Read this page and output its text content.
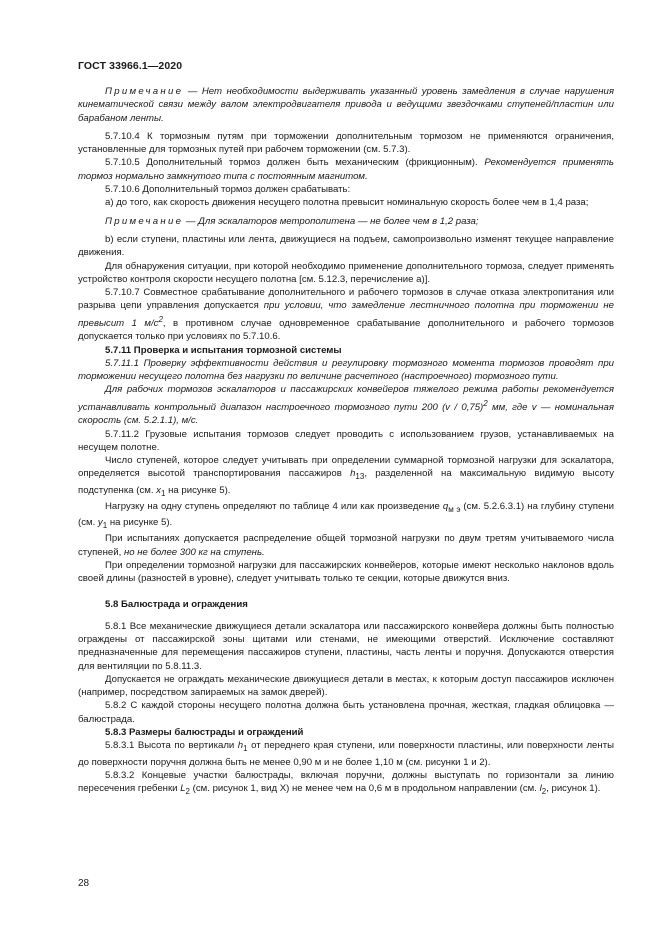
ГОСТ 33966.1—2020

Примечание — Нет необходимости выдерживать указанный уровень замедления в случае нарушения кинематической связи между валом электродвигателя привода и ведущими звездочками ступеней/пластин или барабаном ленты.

5.7.10.4 К тормозным путям при торможении дополнительным тормозом не применяются ограничения, установленные для тормозных путей при рабочем торможении (см. 5.7.3).

5.7.10.5 Дополнительный тормоз должен быть механическим (фрикционным). Рекомендуется применять тормоз нормально замкнутого типа с постоянным магнитом.

5.7.10.6 Дополнительный тормоз должен срабатывать:

a) до того, как скорость движения несущего полотна превысит номинальную скорость более чем в 1,4 раза;

Примечание — Для эскалаторов метрополитена — не более чем в 1,2 раза;

b) если ступени, пластины или лента, движущиеся на подъем, самопроизвольно изменят текущее направление движения.

Для обнаружения ситуации, при которой необходимо применение дополнительного тормоза, следует применять устройство контроля скорости несущего полотна [см. 5.12.3, перечисление a)].

5.7.10.7 Совместное срабатывание дополнительного и рабочего тормозов в случае отказа электропитания или разрыва цепи управления допускается при условии, что замедление лестничного полотна при торможении не превысит 1 $м/с^2$, в противном случае одновременное срабатывание дополнительного и рабочего тормозов допускается только при условиях по 5.7.10.6.

5.7.11 Проверка и испытания тормозной системы

5.7.11.1 Проверку эффективности действия и регулировку тормозного момента тормозов проводят при торможении несущего полотна без нагрузки по величине расчетного (настроечного) тормозного пути.

Для рабочих тормозов эскалаторов и пассажирских конвейеров тяжелого режима работы рекомендуется устанавливать контрольный диапазон настроечного тормозного пути 200 (v / 0,75)$^2$ мм, где v — номинальная скорость (см. 5.2.1.1), м/с.

5.7.11.2 Грузовые испытания тормозов следует проводить с использованием грузов, устанавливаемых на несущем полотне.

Число ступеней, которое следует учитывать при определении суммарной тормозной нагрузки для эскалатора, определяется высотой транспортирования пассажиров $h_{13}$, разделенной на максимальную видимую высоту подступенка (см. $x_1$ на рисунке 5).

Нагрузку на одну ступень определяют по таблице 4 или как произведение $q_{м э}$ (см. 5.2.6.3.1) на глубину ступени (см. $y_1$ на рисунке 5).

При испытаниях допускается распределение общей тормозной нагрузки по двум третям учитываемого числа ступеней, но не более 300 кг на ступень.

При определении тормозной нагрузки для пассажирских конвейеров, которые имеют несколько наклонов вдоль своей длины (разностей в уровне), следует учитывать только те секции, которые движутся вниз.

5.8 Балюстрада и ограждения

5.8.1 Все механические движущиеся детали эскалатора или пассажирского конвейера должны быть полностью ограждены от пассажирской зоны щитами или стенами, не имеющими отверстий. Исключение составляют предназначенные для перемещения пассажиров ступени, пластины, часть ленты и поручня. Допускаются отверстия для вентиляции по 5.8.11.3.

Допускается не ограждать механические движущиеся детали в местах, к которым доступ пассажиров исключен (например, посредством запираемых на замок дверей).

5.8.2 С каждой стороны несущего полотна должна быть установлена прочная, жесткая, гладкая облицовка — балюстрада.

5.8.3 Размеры балюстрады и ограждений

5.8.3.1 Высота по вертикали $h_1$ от переднего края ступени, или поверхности пластины, или поверхности ленты до поверхности поручня должна быть не менее 0,90 м и не более 1,10 м (см. рисунки 1 и 2).

5.8.3.2 Концевые участки балюстрады, включая поручни, должны выступать по горизонтали за линию пересечения гребенки $L_2$ (см. рисунок 1, вид X) не менее чем на 0,6 м в продольном направлении (см. $l_2$, рисунок 1).

28
